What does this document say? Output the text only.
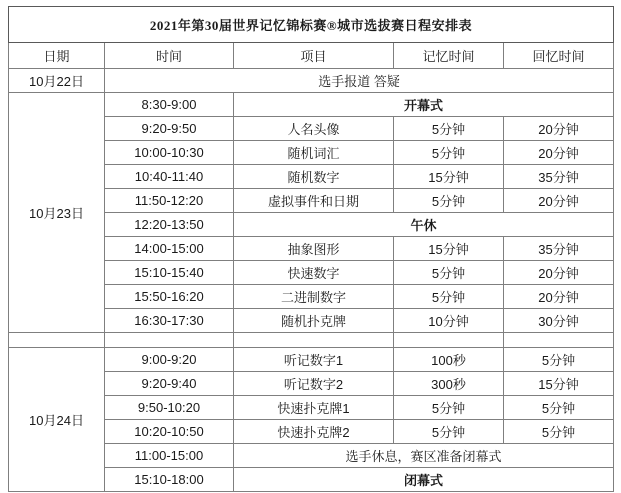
2021年第30届世界记忆锦标赛®城市选拔赛日程安排表				
日期	时间	项目	记忆时间	回忆时间
10月22日	选手报道 答疑			
10月23日	8:30-9:00	开幕式		
	9:20-9:50	人名头像	5分钟	20分钟
	10:00-10:30	随机词汇	5分钟	20分钟
	10:40-11:40	随机数字	15分钟	35分钟
	11:50-12:20	虚拟事件和日期	5分钟	20分钟
	12:20-13:50	午休		
	14:00-15:00	抽象图形	15分钟	35分钟
	15:10-15:40	快速数字	5分钟	20分钟
	15:50-16:20	二进制数字	5分钟	20分钟
	16:30-17:30	随机扑克牌	10分钟	30分钟

10月24日	9:00-9:20	听记数字1	100秒	5分钟
	9:20-9:40	听记数字2	300秒	15分钟
	9:50-10:20	快速扑克牌1	5分钟	5分钟
	10:20-10:50	快速扑克牌2	5分钟	5分钟
	11:00-15:00	选手休息，赛区准备闭幕式		
	15:10-18:00	闭幕式		
